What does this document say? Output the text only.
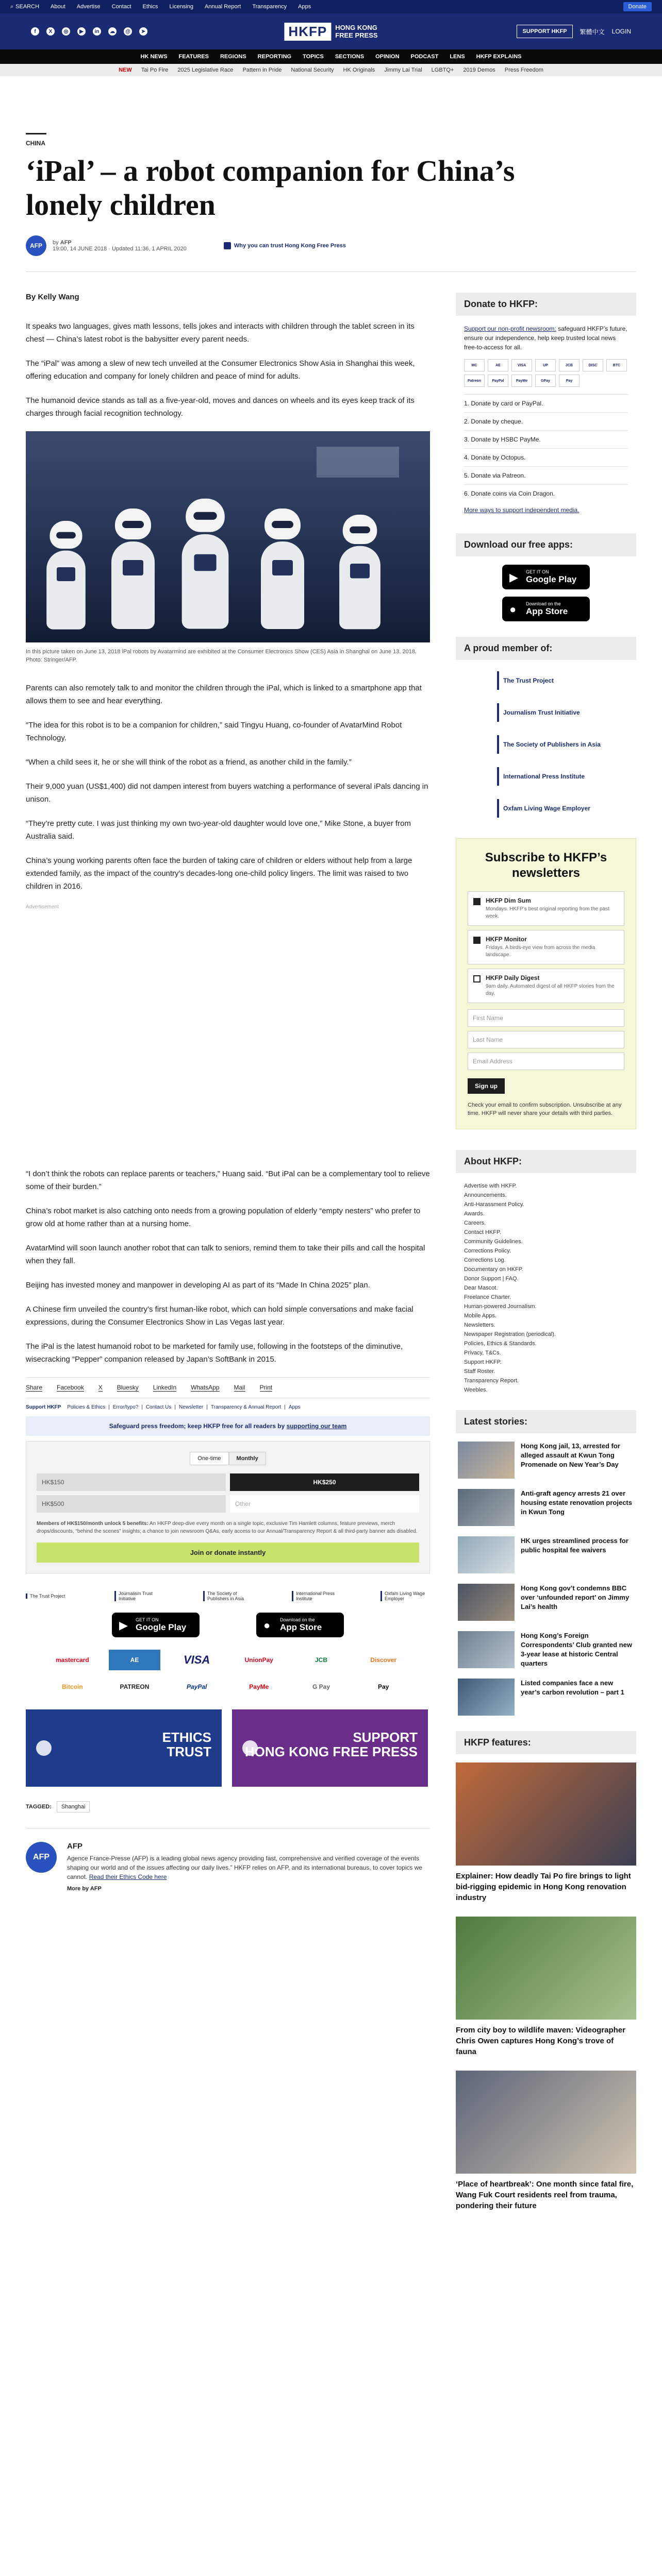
⌕ SEARCH About Advertise Contact Ethics Licensing Annual Report Transparency Apps	Donate
f	X	◎	▶	in	☁	@	➤	HKFP	HONG KONG
FREE PRESS	SUPPORT HKFP	繁體中文 LOGIN
HK NEWS FEATURES REGIONS REPORTING TOPICS SECTIONS OPINION PODCAST LENS HKFP EXPLAINS
NEW Tai Po Fire 2025 Legislative Race Pattern in Pride National Security HK Originals Jimmy Lai Trial LGBTQ+ 2019 Demos Press Freedom
CHINA
‘iPal’ – a robot companion for China’s lonely children
AFP	by AFP
19:00, 14 JUNE 2018 · Updated 11:36, 1 APRIL 2020	Why you can trust Hong Kong Free Press
By Kelly Wang

It speaks two languages, gives math lessons, tells jokes and interacts with children through the tablet screen in its chest — China’s latest robot is the babysitter every parent needs.

The “iPal” was among a slew of new tech unveiled at the Consumer Electronics Show Asia in Shanghai this week, offering education and company for lonely children and peace of mind for adults.

The humanoid device stands as tall as a five-year-old, moves and dances on wheels and its eyes keep track of its charges through facial recognition technology.

In this picture taken on June 13, 2018 iPal robots by Avatarmind are exhibited at the Consumer Electronics Show (CES) Asia in Shanghai on June 13, 2018. Photo: Stringer/AFP.

Parents can also remotely talk to and monitor the children through the iPal, which is linked to a smartphone app that allows them to see and hear everything.

“The idea for this robot is to be a companion for children,” said Tingyu Huang, co-founder of AvatarMind Robot Technology.

“When a child sees it, he or she will think of the robot as a friend, as another child in the family.”

Their 9,000 yuan (US$1,400) did not dampen interest from buyers watching a performance of several iPals dancing in unison.

“They’re pretty cute. I was just thinking my own two-year-old daughter would love one,” Mike Stone, a buyer from Australia said.

China’s young working parents often face the burden of taking care of children or elders without help from a large extended family, as the impact of the country’s decades-long one-child policy lingers. The limit was raised to two children in 2016.

Advertisement

“I don’t think the robots can replace parents or teachers,” Huang said. “But iPal can be a complementary tool to relieve some of their burden.”

China’s robot market is also catching onto needs from a growing population of elderly “empty nesters” who prefer to grow old at home rather than at a nursing home.

AvatarMind will soon launch another robot that can talk to seniors, remind them to take their pills and call the hospital when they fall.

Beijing has invested money and manpower in developing AI as part of its “Made In China 2025” plan.

A Chinese firm unveiled the country’s first human-like robot, which can hold simple conversations and make facial expressions, during the Consumer Electronics Show in Las Vegas last year.

The iPal is the latest humanoid robot to be marketed for family use, following in the footsteps of the diminutive, wisecracking “Pepper” companion released by Japan’s SoftBank in 2015.

Share Facebook X Bluesky LinkedIn WhatsApp Mail Print
Support HKFP Policies & Ethics | Error/typo? | Contact Us | Newsletter | Transparency & Annual Report | Apps
Safeguard press freedom; keep HKFP free for all readers by supporting our team
One-time	Monthly
HK$150	HK$250
HK$500	Other
Members of HK$150/month unlock 5 benefits: An HKFP deep-dive every month on a single topic, exclusive Tim Hamlett columns, feature previews, merch drops/discounts, “behind the scenes” insights; a chance to join newsroom Q&As, early access to our Annual/Transparency Report & all third-party banner ads disabled.
Join or donate instantly
The Trust Project	Journalism Trust Initiative
The Society of Publishers in Asia
International Press Institute
Oxfam Living Wage Employer
▶ GET IT ON
Google Play	● Download on the
App Store
mastercard	AE	VISA	UnionPay	JCB	Discover
Bitcoin	PATREON	PayPal	PayMe	G Pay	Pay
ETHICS
TRUST
SUPPORT
HONG KONG FREE PRESS
TAGGED:	Shanghai
AFP
AFP
Agence France-Presse (AFP) is a leading global news agency providing fast, comprehensive and verified coverage of the events shaping our world and of the issues affecting our daily lives.” HKFP relies on AFP, and its international bureaus, to cover topics we cannot. Read their Ethics Code here
More by AFP
Donate to HKFP:
Support our non-profit newsroom: safeguard HKFP’s future, ensure our independence, help keep trusted local news free-to-access for all.
MC	AE	VISA	UP	JCB	DISC	BTC
Patreon	PayPal	PayMe	GPay	Pay
1. Donate by card or PayPal.
2. Donate by cheque.
3. Donate by HSBC PayMe.
4. Donate by Octopus.
5. Donate via Patreon.
6. Donate coins via Coin Dragon.
More ways to support independent media.
Download our free apps:
▶ GET IT ON
Google Play
● Download on the
App Store
A proud member of:
The Trust Project
Journalism Trust Initiative
The Society of Publishers in Asia
International Press Institute
Oxfam Living Wage Employer
Subscribe to HKFP’s newsletters
HKFP Dim Sum
Mondays. HKFP’s best original reporting from the past week.
HKFP Monitor
Fridays. A birds-eye view from across the media landscape.
HKFP Daily Digest
9am daily. Automated digest of all HKFP stories from the day.
First Name
Last Name
Email Address
Sign up
Check your email to confirm subscription. Unsubscribe at any time. HKFP will never share your details with third parties.
About HKFP:
Advertise with HKFP.
Announcements.
Anti-Harassment Policy.
Awards.
Careers.
Contact HKFP.
Community Guidelines.
Corrections Policy.
Corrections Log.
Documentary on HKFP.
Donor Support | FAQ.
Dear Mascot.
Freelance Charter.
Human-powered Journalism.
Mobile Apps.
Newsletters.
Newspaper Registration (periodical).
Policies, Ethics & Standards.
Privacy, T&Cs.
Support HKFP.
Staff Roster.
Transparency Report.
Weebles.
Latest stories:
Hong Kong jail, 13, arrested for alleged assault at Kwun Tong Promenade on New Year’s Day
Anti-graft agency arrests 21 over housing estate renovation projects in Kwun Tong
HK urges streamlined process for public hospital fee waivers
Hong Kong gov’t condemns BBC over ‘unfounded report’ on Jimmy Lai’s health
Hong Kong’s Foreign Correspondents’ Club granted new 3-year lease at historic Central quarters
Listed companies face a new year’s carbon revolution – part 1
HKFP features:
Explainer: How deadly Tai Po fire brings to light bid-rigging epidemic in Hong Kong renovation industry
From city boy to wildlife maven: Videographer Chris Owen captures Hong Kong’s trove of fauna
‘Place of heartbreak’: One month since fatal fire, Wang Fuk Court residents reel from trauma, pondering their future
